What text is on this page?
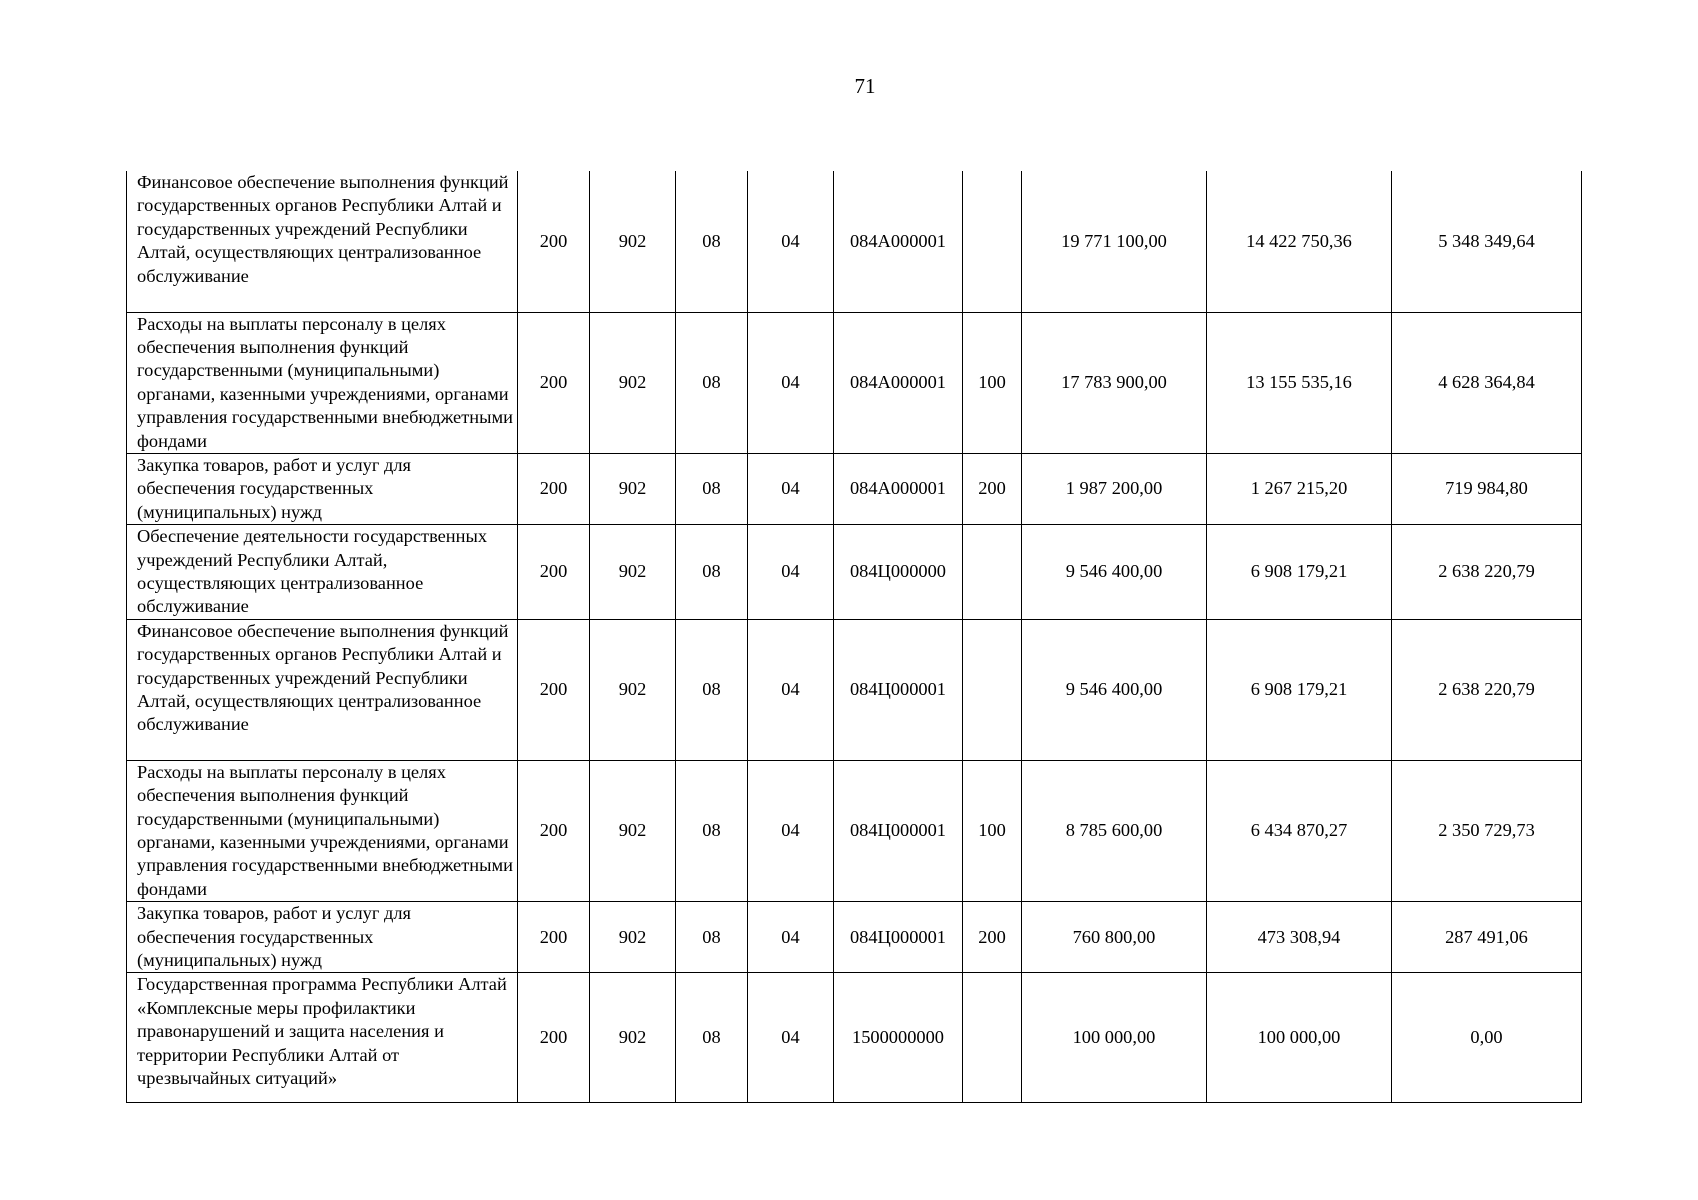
71
Финансовое обеспечение выполнения функций государственных органов Республики Алтай и государственных учреждений Республики Алтай, осуществляющих централизованное обслуживание	200	902	08	04	084А000001		19 771 100,00	14 422 750,36	5 348 349,64
Расходы на выплаты персоналу в целях обеспечения выполнения функций государственными (муниципальными) органами, казенными учреждениями, органами управления государственными внебюджетными фондами	200	902	08	04	084А000001	100	17 783 900,00	13 155 535,16	4 628 364,84
Закупка товаров, работ и услуг для обеспечения государственных (муниципальных) нужд	200	902	08	04	084А000001	200	1 987 200,00	1 267 215,20	719 984,80
Обеспечение деятельности государственных учреждений Республики Алтай, осуществляющих централизованное обслуживание	200	902	08	04	084Ц000000		9 546 400,00	6 908 179,21	2 638 220,79
Финансовое обеспечение выполнения функций государственных органов Республики Алтай и государственных учреждений Республики Алтай, осуществляющих централизованное обслуживание	200	902	08	04	084Ц000001		9 546 400,00	6 908 179,21	2 638 220,79
Расходы на выплаты персоналу в целях обеспечения выполнения функций государственными (муниципальными) органами, казенными учреждениями, органами управления государственными внебюджетными фондами	200	902	08	04	084Ц000001	100	8 785 600,00	6 434 870,27	2 350 729,73
Закупка товаров, работ и услуг для обеспечения государственных (муниципальных) нужд	200	902	08	04	084Ц000001	200	760 800,00	473 308,94	287 491,06
Государственная программа Республики Алтай «Комплексные меры профилактики правонарушений и защита населения и территории Республики Алтай от чрезвычайных ситуаций»	200	902	08	04	1500000000		100 000,00	100 000,00	0,00
